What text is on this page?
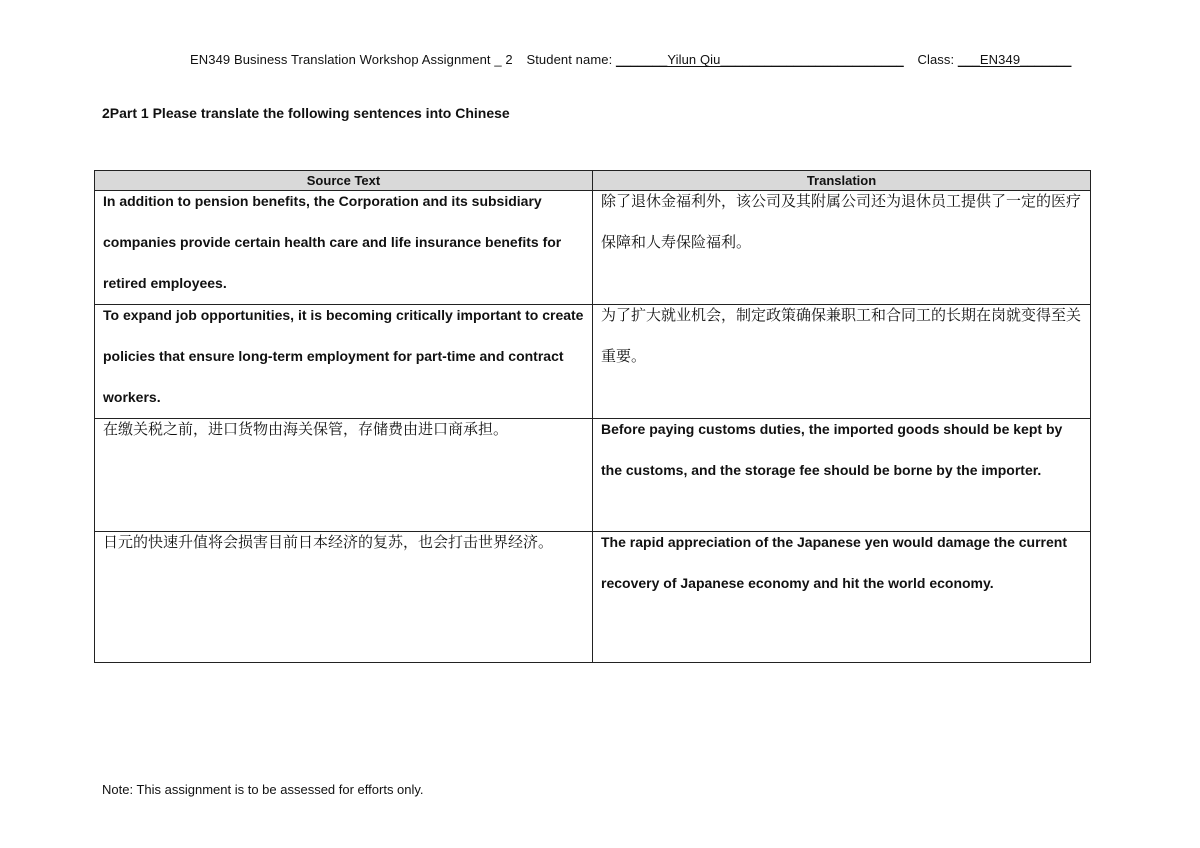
EN349 Business Translation Workshop Assignment _ 2 Student name: _______Yilun Qiu_________________________ Class: ___EN349_______
2Part 1 Please translate the following sentences into Chinese
Source Text	Translation

In addition to pension benefits, the Corporation and its subsidiary companies provide certain health care and life insurance benefits for retired employees.	除了退休金福利外，该公司及其附属公司还为退休员工提供了一定的医疗保障和人寿保险福利。

To expand job opportunities, it is becoming critically important to create policies that ensure long-term employment for part-time and contract workers.	为了扩大就业机会，制定政策确保兼职工和合同工的长期在岗就变得至关重要。

在缴关税之前，进口货物由海关保管，存储费由进口商承担。	Before paying customs duties, the imported goods should be kept by the customs, and the storage fee should be borne by the importer.

日元的快速升值将会损害目前日本经济的复苏，也会打击世界经济。	The rapid appreciation of the Japanese yen would damage the current recovery of Japanese economy and hit the world economy.
Note: This assignment is to be assessed for efforts only.
